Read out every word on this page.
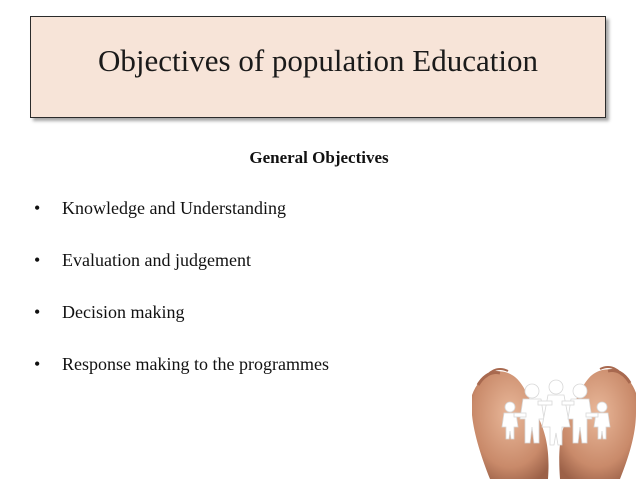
Objectives of population Education
General Objectives
•	Knowledge and Understanding
•	Evaluation and judgement
•	Decision making
•	Response making to the programmes
